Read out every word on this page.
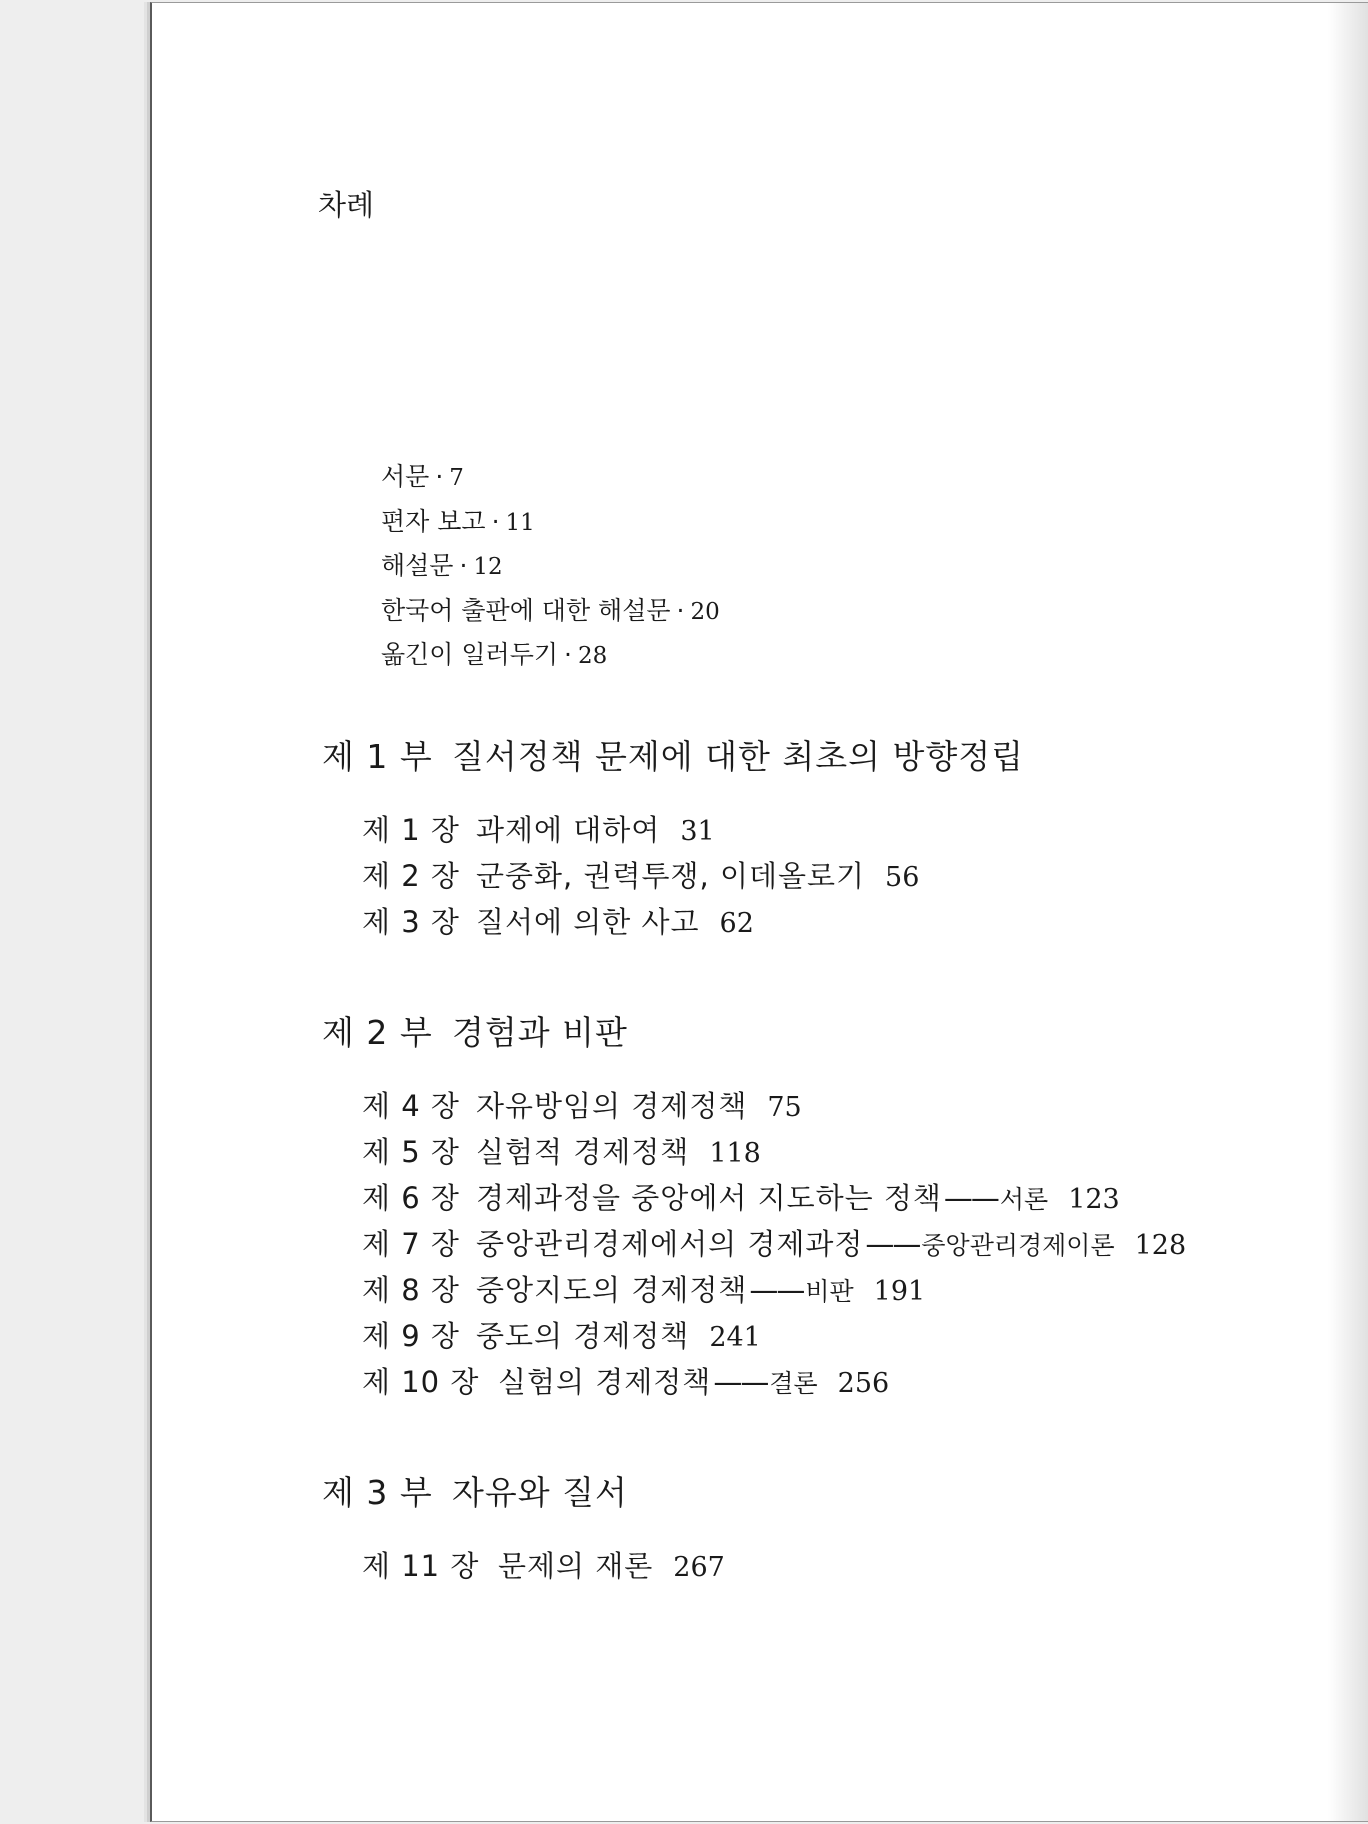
차례
서문 · 7
편자 보고 · 11
해설문 · 12
한국어 출판에 대한 해설문 · 20
옮긴이 일러두기 · 28
제 1 부 질서정책 문제에 대한 최초의 방향정립
제 1 장 과제에 대하여 31
제 2 장 군중화, 권력투쟁, 이데올로기 56
제 3 장 질서에 의한 사고 62
제 2 부 경험과 비판
제 4 장 자유방임의 경제정책 75
제 5 장 실험적 경제정책 118
제 6 장 경제과정을 중앙에서 지도하는 정책——서론 123
제 7 장 중앙관리경제에서의 경제과정——중앙관리경제이론 128
제 8 장 중앙지도의 경제정책——비판 191
제 9 장 중도의 경제정책 241
제 10 장 실험의 경제정책——결론 256
제 3 부 자유와 질서
제 11 장 문제의 재론 267
